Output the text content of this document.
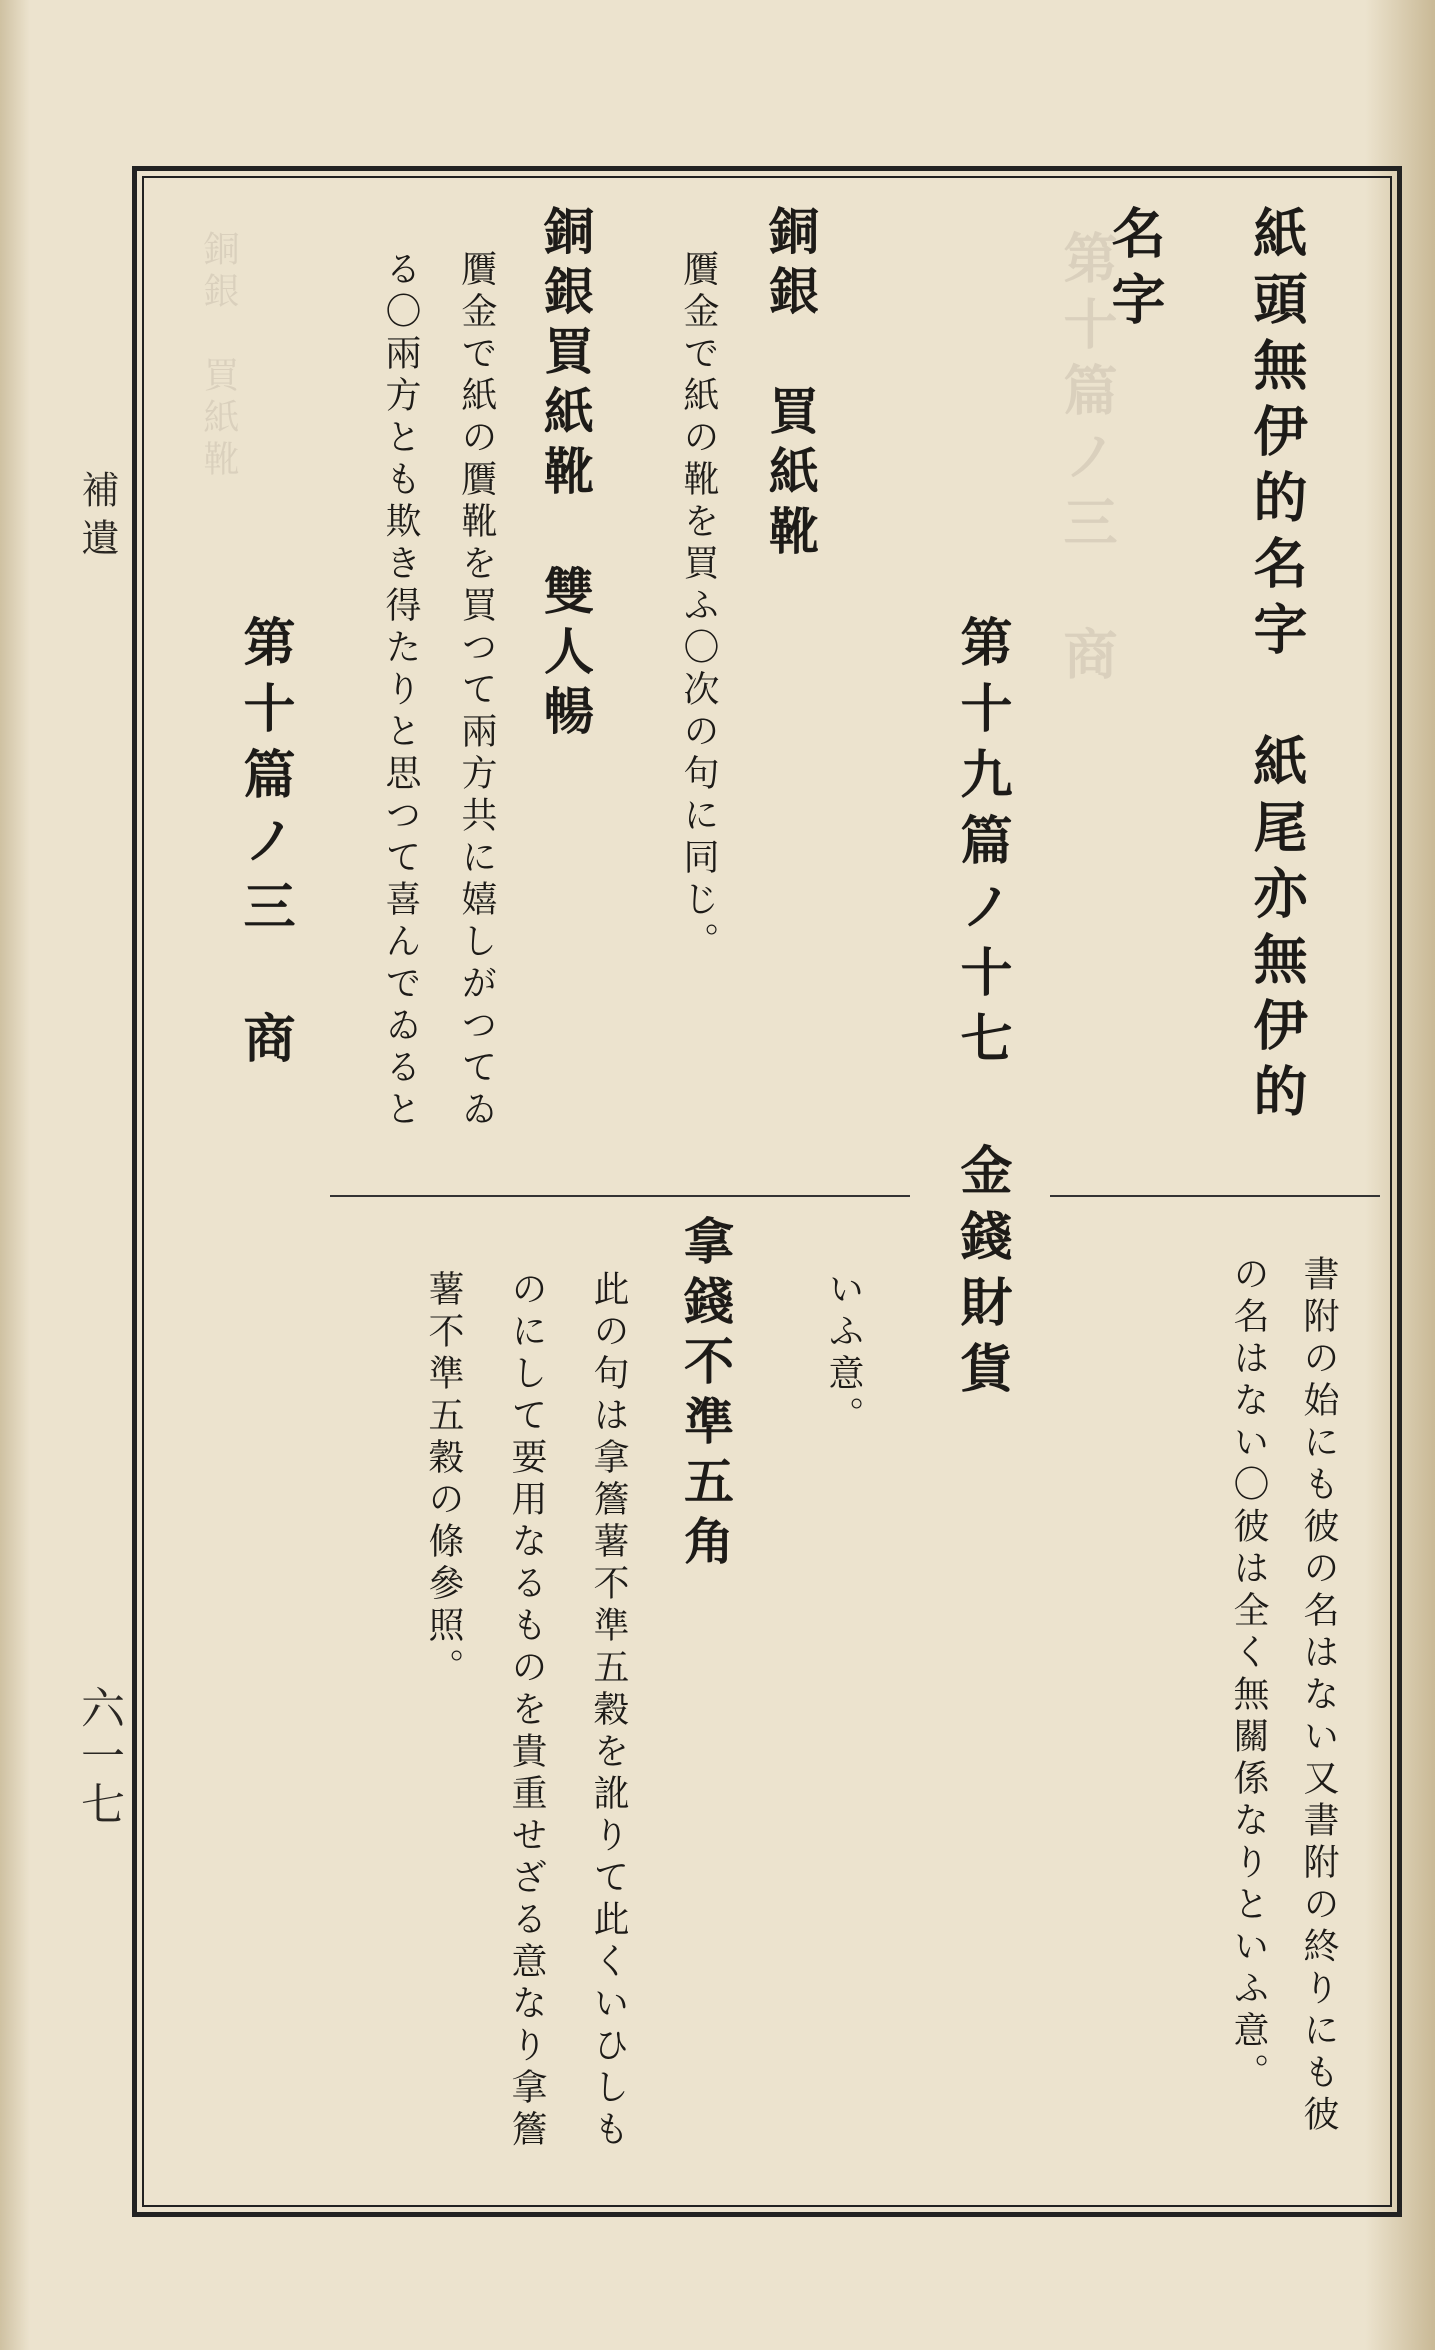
第十篇ノ三　商
銅銀　買紙靴
補遺
六一七
紙頭無伊的名字　紙尾亦無伊的
名字
第十九篇ノ十七　金錢財貨
銅銀　買紙靴
贋金で紙の靴を買ふ〇次の句に同じ。
銅銀買紙靴　雙人暢
贋金で紙の贋靴を買つて兩方共に嬉しがつてゐ
る〇兩方とも欺き得たりと思つて喜んでゐると
第十篇ノ三　商
書附の始にも彼の名はない又書附の終りにも彼
の名はない〇彼は全く無關係なりといふ意。
いふ意。
拿錢不準五角
此の句は拿簷薯不準五穀を訛りて此くいひしも
のにして要用なるものを貴重せざる意なり拿簷
薯不準五穀の條參照。
